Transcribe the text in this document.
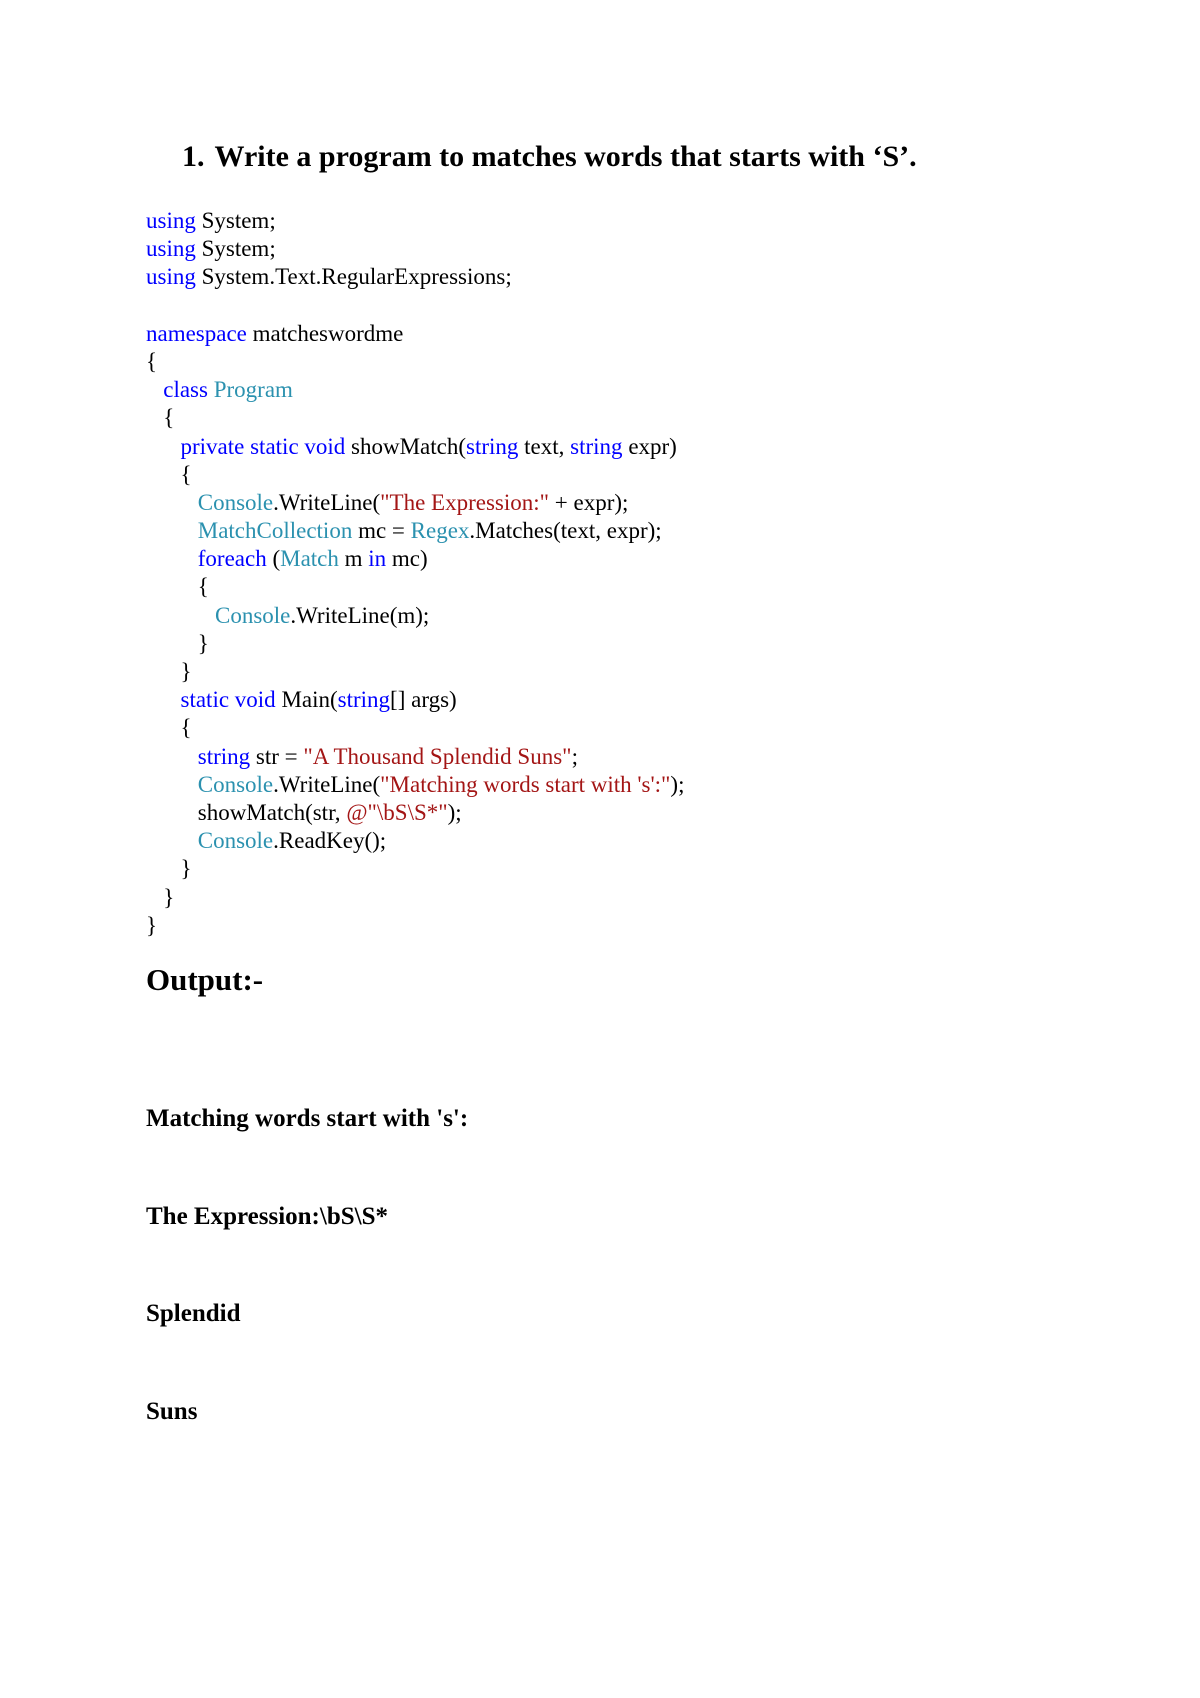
1. Write a program to matches words that starts with ‘S’.
using System;
using System;
using System.Text.RegularExpressions;
namespace matcheswordme
{
class Program
{
private static void showMatch(string text, string expr)
{
Console.WriteLine("The Expression:" + expr);
MatchCollection mc = Regex.Matches(text, expr);
foreach (Match m in mc)
{
Console.WriteLine(m);
}
}
static void Main(string[] args)
{
string str = "A Thousand Splendid Suns";
Console.WriteLine("Matching words start with 's':");
showMatch(str, @"\bS\S*");
Console.ReadKey();
}
}
}
Output:-

Matching words start with 's':

The Expression:\bS\S*

Splendid

Suns
